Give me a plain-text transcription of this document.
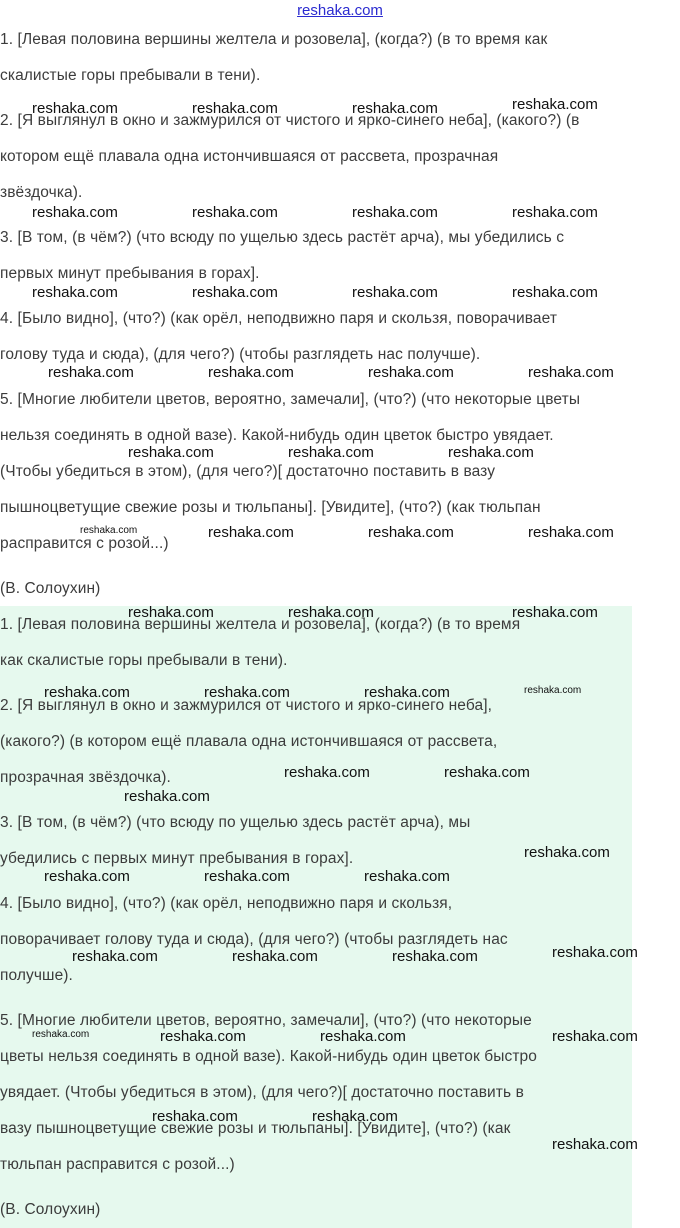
reshaka.com
1. [Левая половина вершины желтела и розовела], (когда?) (в то время как
скалистые горы пребывали в тени).
2. [Я выглянул в окно и зажмурился от чистого и ярко-синего неба], (какого?) (в
котором ещё плавала одна истончившаяся от рассвета, прозрачная
звёздочка).
3. [В том, (в чём?) (что всюду по ущелью здесь растёт арча), мы убедились с
первых минут пребывания в горах].
4. [Было видно], (что?) (как орёл, неподвижно паря и скользя, поворачивает
голову туда и сюда), (для чего?) (чтобы разглядеть нас получше).
5. [Многие любители цветов, вероятно, замечали], (что?) (что некоторые цветы
нельзя соединять в одной вазе). Какой-нибудь один цветок быстро увядает.
(Чтобы убедиться в этом), (для чего?)[ достаточно поставить в вазу
пышноцветущие свежие розы и тюльпаны]. [Увидите], (что?) (как тюльпан
расправится с розой...)
(В. Солоухин)
1. [Левая половина вершины желтела и розовела], (когда?) (в то время
как скалистые горы пребывали в тени).
2. [Я выглянул в окно и зажмурился от чистого и ярко-синего неба],
(какого?) (в котором ещё плавала одна истончившаяся от рассвета,
прозрачная звёздочка).
3. [В том, (в чём?) (что всюду по ущелью здесь растёт арча), мы
убедились с первых минут пребывания в горах].
4. [Было видно], (что?) (как орёл, неподвижно паря и скользя,
поворачивает голову туда и сюда), (для чего?) (чтобы разглядеть нас
получше).
5. [Многие любители цветов, вероятно, замечали], (что?) (что некоторые
цветы нельзя соединять в одной вазе). Какой-нибудь один цветок быстро
увядает. (Чтобы убедиться в этом), (для чего?)[ достаточно поставить в
вазу пышноцветущие свежие розы и тюльпаны]. [Увидите], (что?) (как
тюльпан расправится с розой...)
(В. Солоухин)
reshaka.com	reshaka.com	reshaka.com	reshaka.com
reshaka.com	reshaka.com	reshaka.com	reshaka.com
reshaka.com	reshaka.com	reshaka.com	reshaka.com
reshaka.com	reshaka.com	reshaka.com	reshaka.com
reshaka.com	reshaka.com	reshaka.com
reshaka.com	reshaka.com	reshaka.com	reshaka.com
reshaka.com	reshaka.com	reshaka.com
reshaka.com	reshaka.com	reshaka.com	reshaka.com
reshaka.com	reshaka.com
reshaka.com
reshaka.com
reshaka.com	reshaka.com	reshaka.com
reshaka.com	reshaka.com	reshaka.com	reshaka.com
reshaka.com	reshaka.com	reshaka.com	reshaka.com
reshaka.com	reshaka.com
reshaka.com
